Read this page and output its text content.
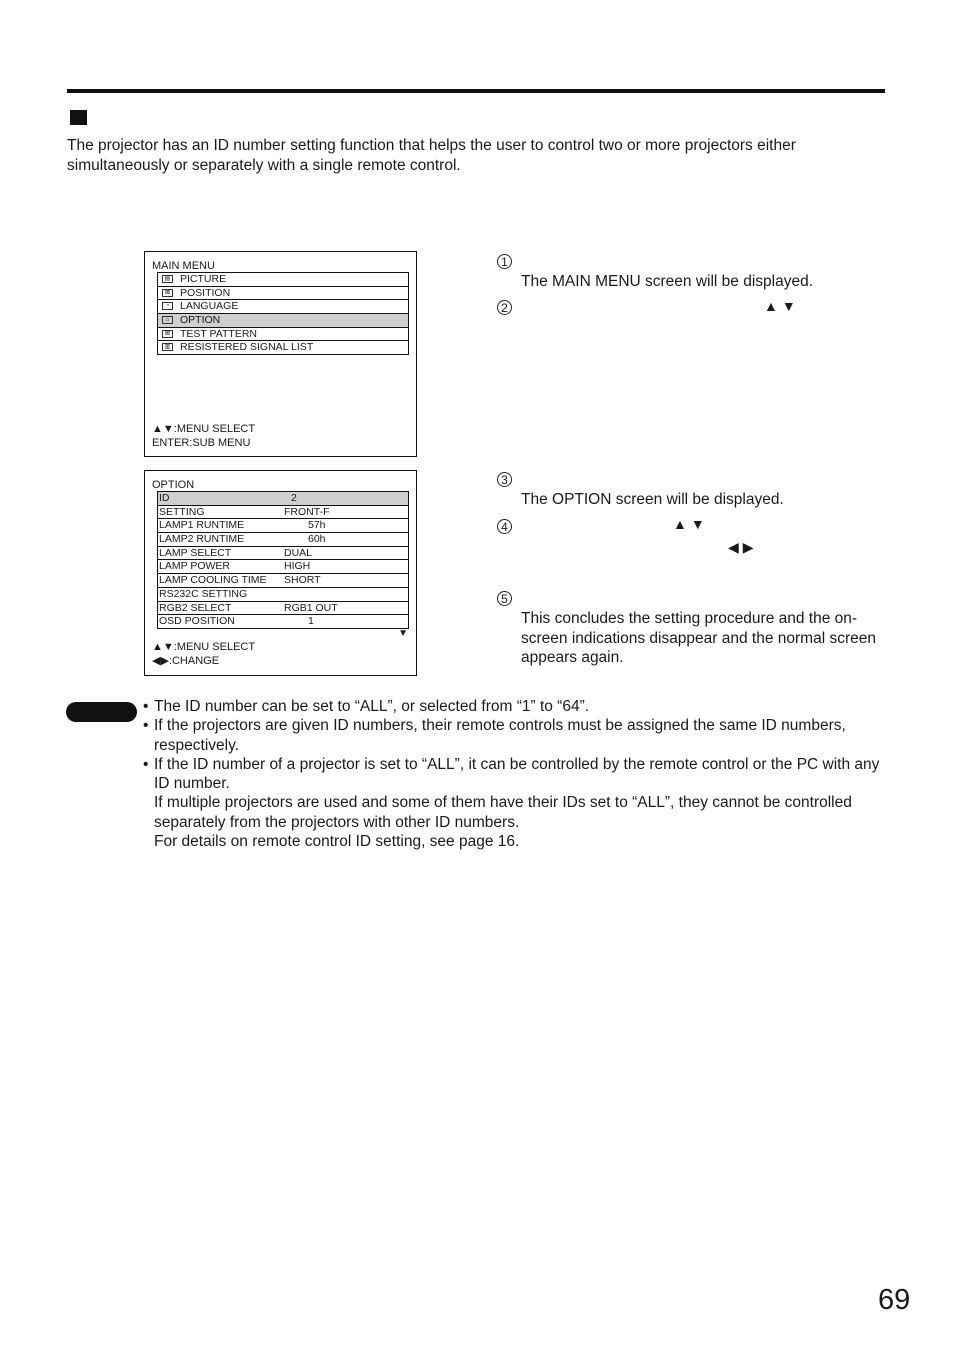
The projector has an ID number setting function that helps the user to control two or more projectors either simultaneously or separately with a single remote control.

MAIN MENU
▤ PICTURE
⊠ POSITION
◔	LANGUAGE
⌂	OPTION
⊠ TEST PATTERN
▥ RESISTERED SIGNAL LIST
▲▼:MENU SELECT
ENTER:SUB MENU
OPTION
ID	2
SETTING	FRONT-F
LAMP1 RUNTIME	57h
LAMP2 RUNTIME	60h
LAMP SELECT	DUAL
LAMP POWER	HIGH
LAMP COOLING TIME SHORT
RS232C SETTING
RGB2 SELECT	RGB1 OUT
OSD POSITION	1
▼
▲▼:MENU SELECT
◀▶:CHANGE
1

The MAIN MENU screen will be displayed.

2	▲▼
3

The OPTION screen will be displayed.

4	▲▼
◀▶
5

This concludes the setting procedure and the on-screen indications disappear and the normal screen appears again.

• The ID number can be set to “ALL”, or selected from “1” to “64”.
• If the projectors are given ID numbers, their remote controls must be assigned the same ID numbers, respectively.
• If the ID number of a projector is set to “ALL”, it can be controlled by the remote control or the PC with any ID number.
If multiple projectors are used and some of them have their IDs set to “ALL”, they cannot be controlled separately from the projectors with other ID numbers.
For details on remote control ID setting, see page 16.
69
